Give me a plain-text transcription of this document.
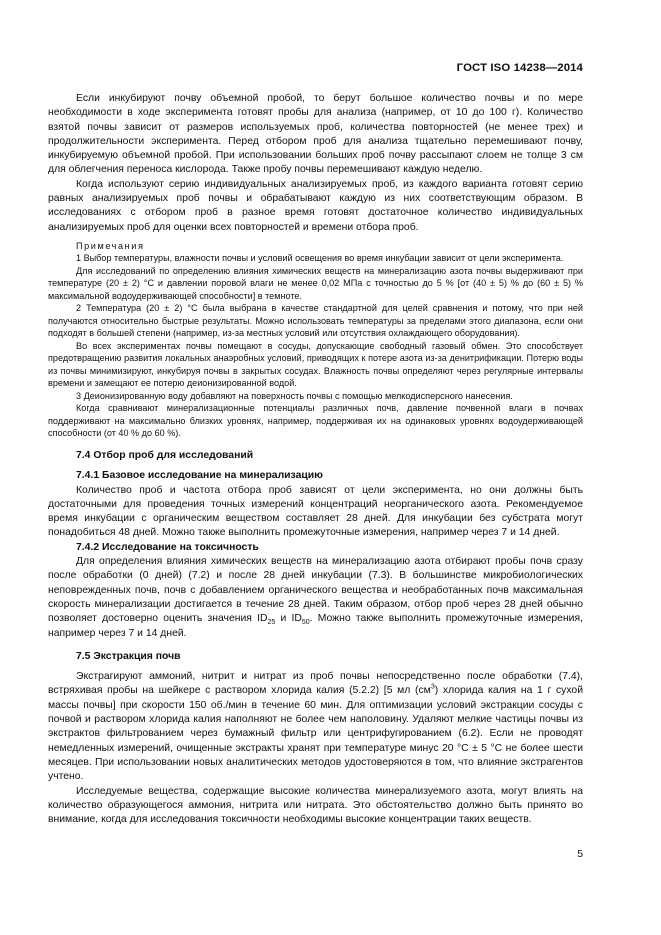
ГОСТ ISO 14238—2014

Если инкубируют почву объемной пробой, то берут большое количество почвы и по мере необходимости в ходе эксперимента готовят пробы для анализа (например, от 10 до 100 г). Количество взятой почвы зависит от размеров используемых проб, количества повторностей (не менее трех) и продолжительности эксперимента. Перед отбором проб для анализа тщательно перемешивают почву, инкубируемую объемной пробой. При использовании больших проб почву рассыпают слоем не толще 3 см для облегчения переноса кислорода. Также пробу почвы перемешивают каждую неделю.

Когда используют серию индивидуальных анализируемых проб, из каждого варианта готовят серию равных анализируемых проб почвы и обрабатывают каждую из них соответствующим образом. В исследованиях с отбором проб в разное время готовят достаточное количество индивидуальных анализируемых проб для оценки всех повторностей и времени отбора проб.

Примечания

1 Выбор температуры, влажности почвы и условий освещения во время инкубации зависит от цели эксперимента.

Для исследований по определению влияния химических веществ на минерализацию азота почвы выдерживают при температуре (20 ± 2) °С и давлении поровой влаги не менее 0,02 МПа с точностью до 5 % [от (40 ± 5) % до (60 ± 5) % максимальной водоудерживающей способности] в темноте.

2 Температура (20 ± 2) °С была выбрана в качестве стандартной для целей сравнения и потому, что при ней получаются относительно быстрые результаты. Можно использовать температуры за пределами этого диапазона, если они подходят в большей степени (например, из-за местных условий или отсутствия охлаждающего оборудования).

Во всех экспериментах почвы помещают в сосуды, допускающие свободный газовый обмен. Это способствует предотвращению развития локальных анаэробных условий, приводящих к потере азота из-за денитрификации. Потерю воды из почвы минимизируют, инкубируя почвы в закрытых сосудах. Влажность почвы определяют через регулярные интервалы времени и замещают ее потерю деионизированной водой.

3 Деионизированную воду добавляют на поверхность почвы с помощью мелкодисперсного нанесения.

Когда сравнивают минерализационные потенциалы различных почв, давление почвенной влаги в почвах поддерживают на максимально близких уровнях, например, поддерживая их на одинаковых уровнях водоудерживающей способности (от 40 % до 60 %).

7.4 Отбор проб для исследований

7.4.1 Базовое исследование на минерализацию

Количество проб и частота отбора проб зависят от цели эксперимента, но они должны быть достаточными для проведения точных измерений концентраций неорганического азота. Рекомендуемое время инкубации с органическим веществом составляет 28 дней. Для инкубации без субстрата могут понадобиться 48 дней. Можно также выполнить промежуточные измерения, например через 7 и 14 дней.

7.4.2 Исследование на токсичность

Для определения влияния химических веществ на минерализацию азота отбирают пробы почв сразу после обработки (0 дней) (7.2) и после 28 дней инкубации (7.3). В большинстве микробиологических неповрежденных почв, почв с добавлением органического вещества и необработанных почв максимальная скорость минерализации достигается в течение 28 дней. Таким образом, отбор проб через 28 дней обычно позволяет достоверно оценить значения $ID_{25}$ и $ID_{50}$. Можно также выполнить промежуточные измерения, например через 7 и 14 дней.

7.5 Экстракция почв

Экстрагируют аммоний, нитрит и нитрат из проб почвы непосредственно после обработки (7.4), встряхивая пробы на шейкере с раствором хлорида калия (5.2.2) [5 мл $(см^3)$ хлорида калия на 1 г сухой массы почвы] при скорости 150 об./мин в течение 60 мин. Для оптимизации условий экстракции сосуды с почвой и раствором хлорида калия наполняют не более чем наполовину. Удаляют мелкие частицы почвы из экстрактов фильтрованием через бумажный фильтр или центрифугированием (6.2). Если не проводят немедленных измерений, очищенные экстракты хранят при температуре минус 20 °С ± 5 °С не более шести месяцев. При использовании новых аналитических методов удостоверяются в том, что влияние экстрагентов учтено.

Исследуемые вещества, содержащие высокие количества минерализуемого азота, могут влиять на количество образующегося аммония, нитрита или нитрата. Это обстоятельство должно быть принято во внимание, когда для исследования токсичности необходимы высокие концентрации таких веществ.

5
